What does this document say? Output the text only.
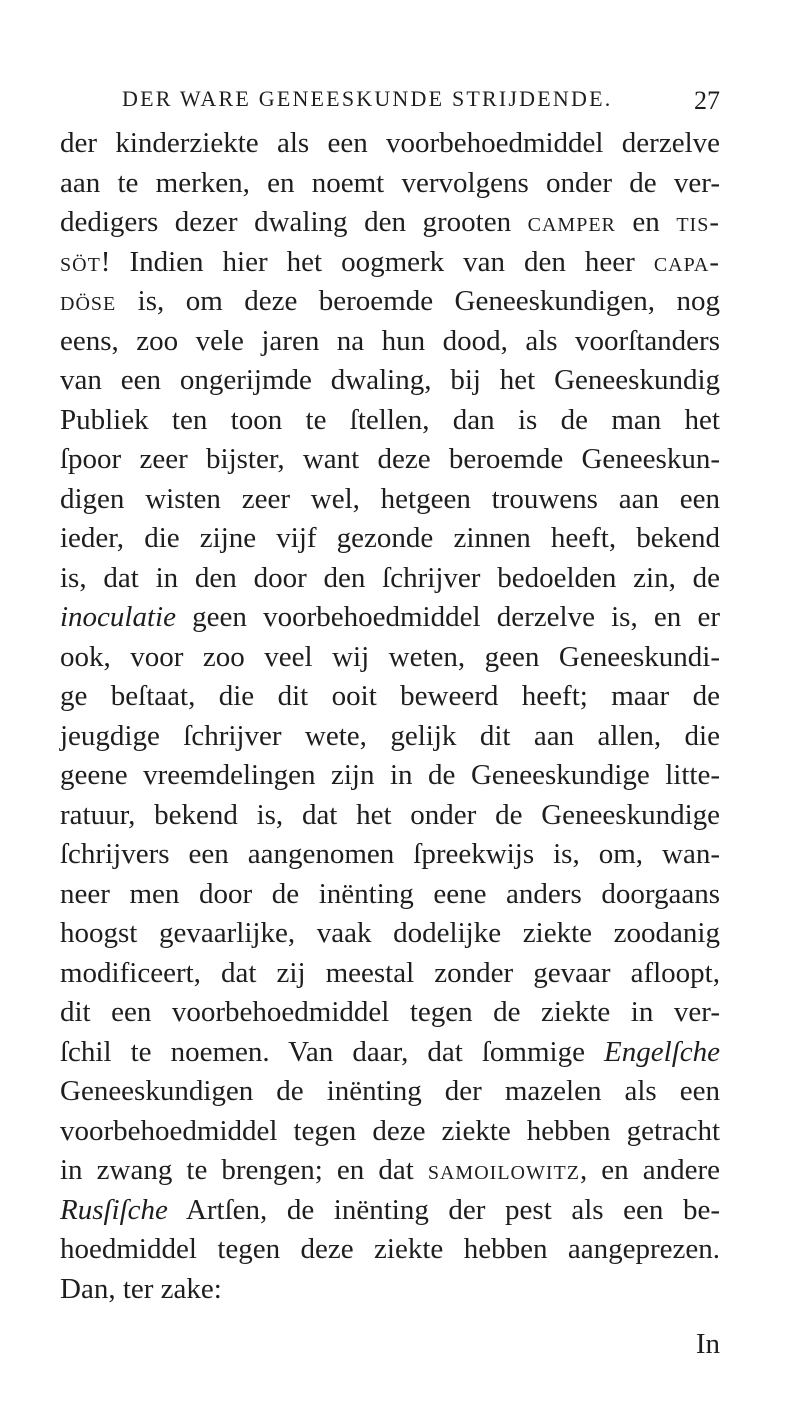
DER WARE GENEESKUNDE STRIJDENDE.	27
der kinderziekte als een voorbehoedmiddel derzelve
aan te merken, en noemt vervolgens onder de ver-
dedigers dezer dwaling den grooten camper en tis-
söt! Indien hier het oogmerk van den heer capa-
döse is, om deze beroemde Geneeskundigen, nog
eens, zoo vele jaren na hun dood, als voorſtanders
van een ongerijmde dwaling, bij het Geneeskundig
Publiek ten toon te ſtellen, dan is de man het
ſpoor zeer bijster, want deze beroemde Geneeskun-
digen wisten zeer wel, hetgeen trouwens aan een
ieder, die zijne vijf gezonde zinnen heeft, bekend
is, dat in den door den ſchrijver bedoelden zin, de
inoculatie geen voorbehoedmiddel derzelve is, en er
ook, voor zoo veel wij weten, geen Geneeskundi-
ge beſtaat, die dit ooit beweerd heeft; maar de
jeugdige ſchrijver wete, gelijk dit aan allen, die
geene vreemdelingen zijn in de Geneeskundige litte-
ratuur, bekend is, dat het onder de Geneeskundige
ſchrijvers een aangenomen ſpreekwijs is, om, wan-
neer men door de inënting eene anders doorgaans
hoogst gevaarlijke, vaak dodelijke ziekte zoodanig
modificeert, dat zij meestal zonder gevaar afloopt,
dit een voorbehoedmiddel tegen de ziekte in ver-
ſchil te noemen. Van daar, dat ſommige Engelſche
Geneeskundigen de inënting der mazelen als een
voorbehoedmiddel tegen deze ziekte hebben getracht
in zwang te brengen; en dat samoilowitz, en andere
Rusſiſche Artſen, de inënting der pest als een be-
hoedmiddel tegen deze ziekte hebben aangeprezen.
Dan, ter zake:
In
